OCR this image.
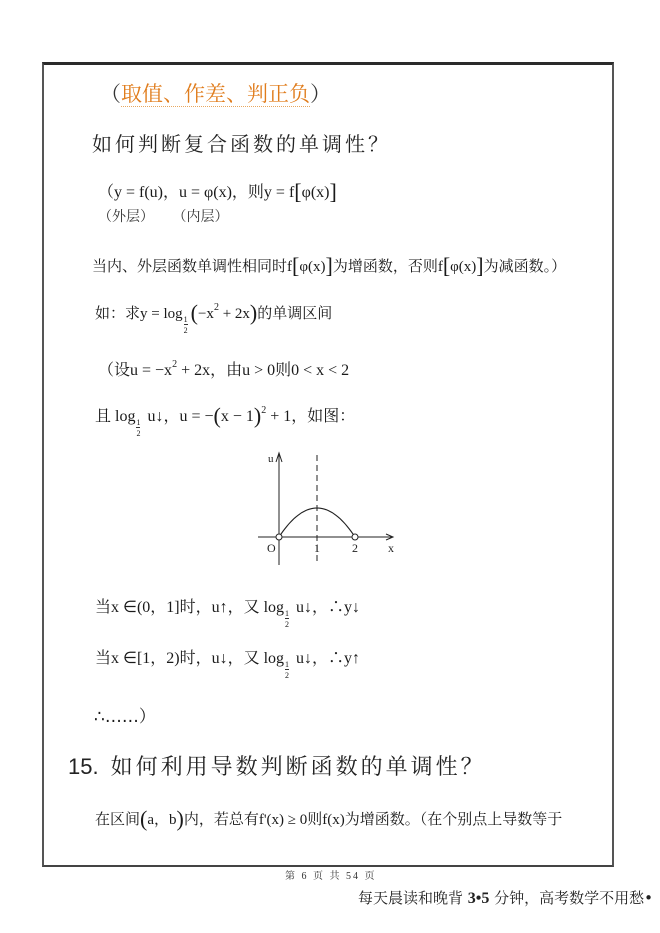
（取值、作差、判正负）
如何判断复合函数的单调性？
（y = f(u)，u = φ(x)，则y = f[φ(x)]
（外层） （内层）
当内、外层函数单调性相同时f[φ(x)]为增函数，否则f[φ(x)]为减函数。）
如：求y = log
$\frac{1}{2} (-x^2 + 2x)$的单调区间
（设$u = -x^2 + 2x$，由u > 0则0 < x < 2
且 log
$\frac{1}{2}$
u↓，$u = -(x - 1)^2 + 1$，如图：
u
x
O	1	2
当x ∈(0，1]时，u↑，又 log
$\frac{1}{2}$
u↓，∴y↓
当x ∈[1，2)时，u↓，又 log
$\frac{1}{2}$
u↓，∴y↑
∴……）
15. 如何利用导数判断函数的单调性？
在区间(a，b)内，若总有f'(x) ≥ 0则f(x)为增函数。（在个别点上导数等于
第 6 页 共 54 页
每天晨读和晚背 3•5 分钟，高考数学不用愁•
